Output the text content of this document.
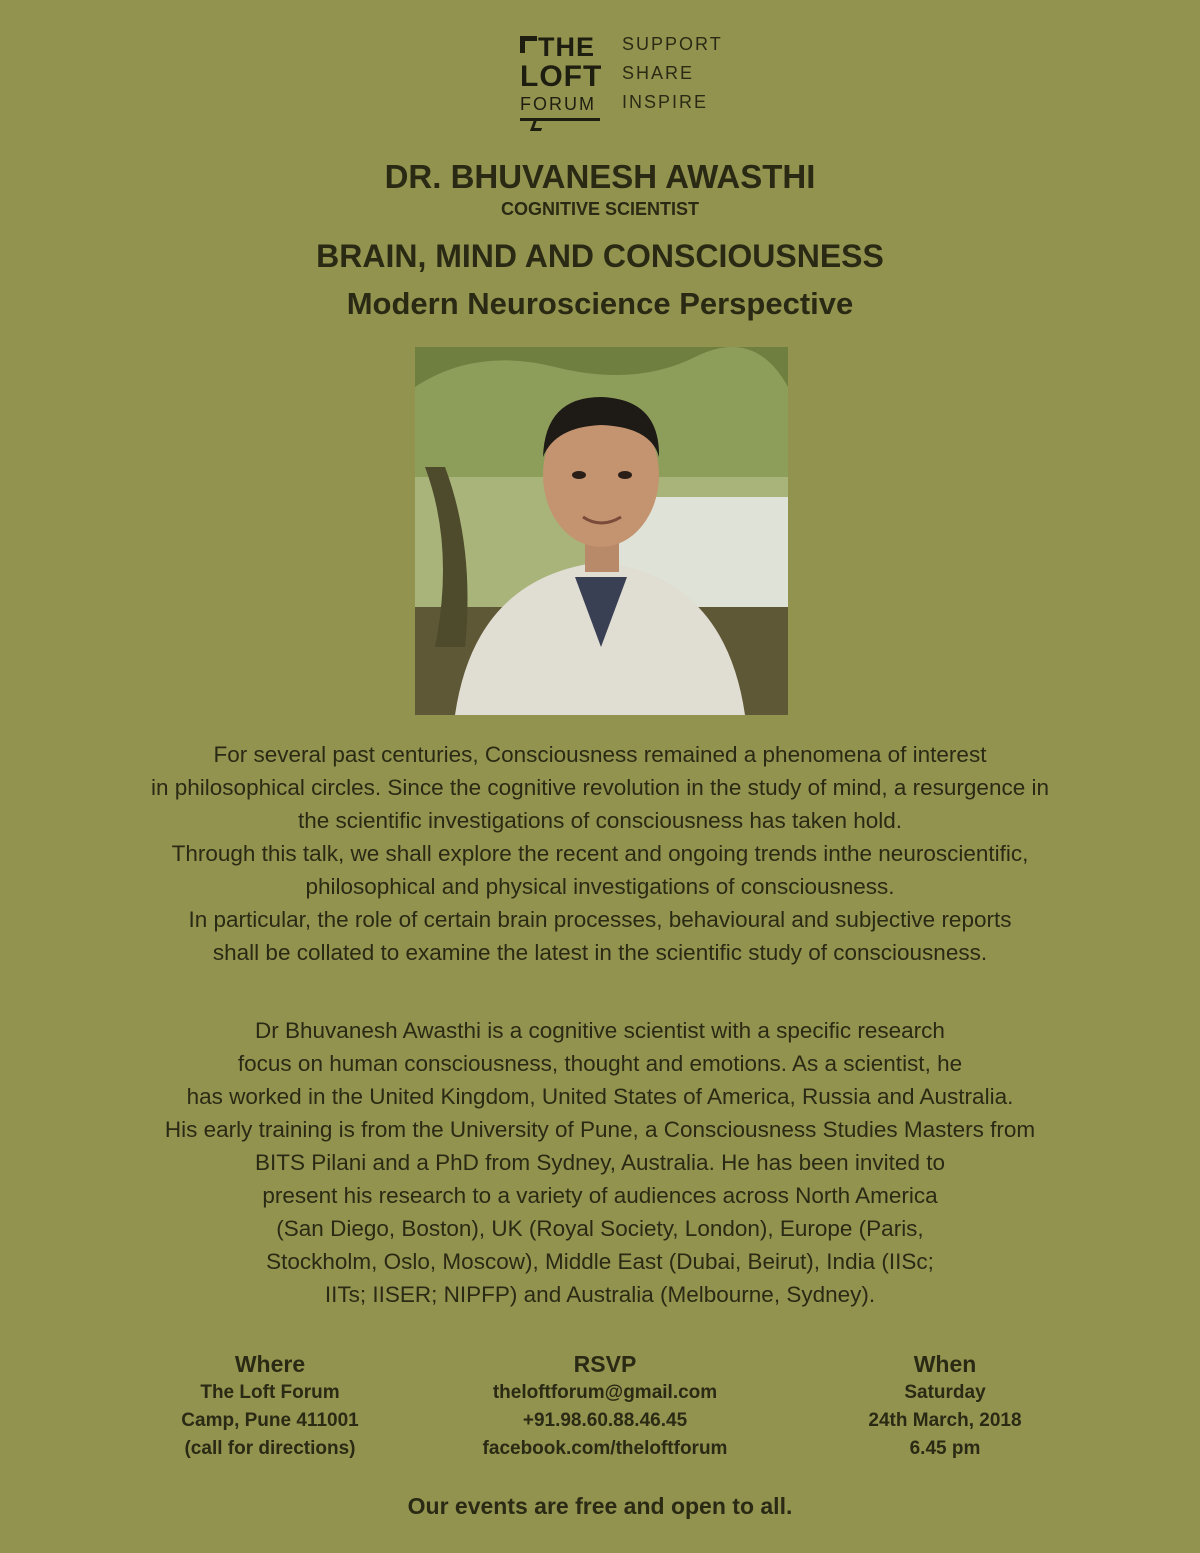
THE
LOFT
FORUM
SUPPORT
SHARE
INSPIRE
DR. BHUVANESH AWASTHI
COGNITIVE SCIENTIST
BRAIN, MIND AND CONSCIOUSNESS
Modern Neuroscience Perspective
For several past centuries, Consciousness remained a phenomena of interest
in philosophical circles. Since the cognitive revolution in the study of mind, a resurgence in
the scientific investigations of consciousness has taken hold.
Through this talk, we shall explore the recent and ongoing trends inthe neuroscientific,
philosophical and physical investigations of consciousness.
In particular, the role of certain brain processes, behavioural and subjective reports
shall be collated to examine the latest in the scientific study of consciousness.
Dr Bhuvanesh Awasthi is a cognitive scientist with a specific research
focus on human consciousness, thought and emotions. As a scientist, he
has worked in the United Kingdom, United States of America, Russia and Australia.
His early training is from the University of Pune, a Consciousness Studies Masters from
BITS Pilani and a PhD from Sydney, Australia. He has been invited to
present his research to a variety of audiences across North America
(San Diego, Boston), UK (Royal Society, London), Europe (Paris,
Stockholm, Oslo, Moscow), Middle East (Dubai, Beirut), India (IISc;
IITs; IISER; NIPFP) and Australia (Melbourne, Sydney).
Where
The Loft Forum
Camp, Pune 411001
(call for directions)
RSVP
theloftforum@gmail.com
+91.98.60.88.46.45
facebook.com/theloftforum
When
Saturday
24th March, 2018
6.45 pm
Our events are free and open to all.
